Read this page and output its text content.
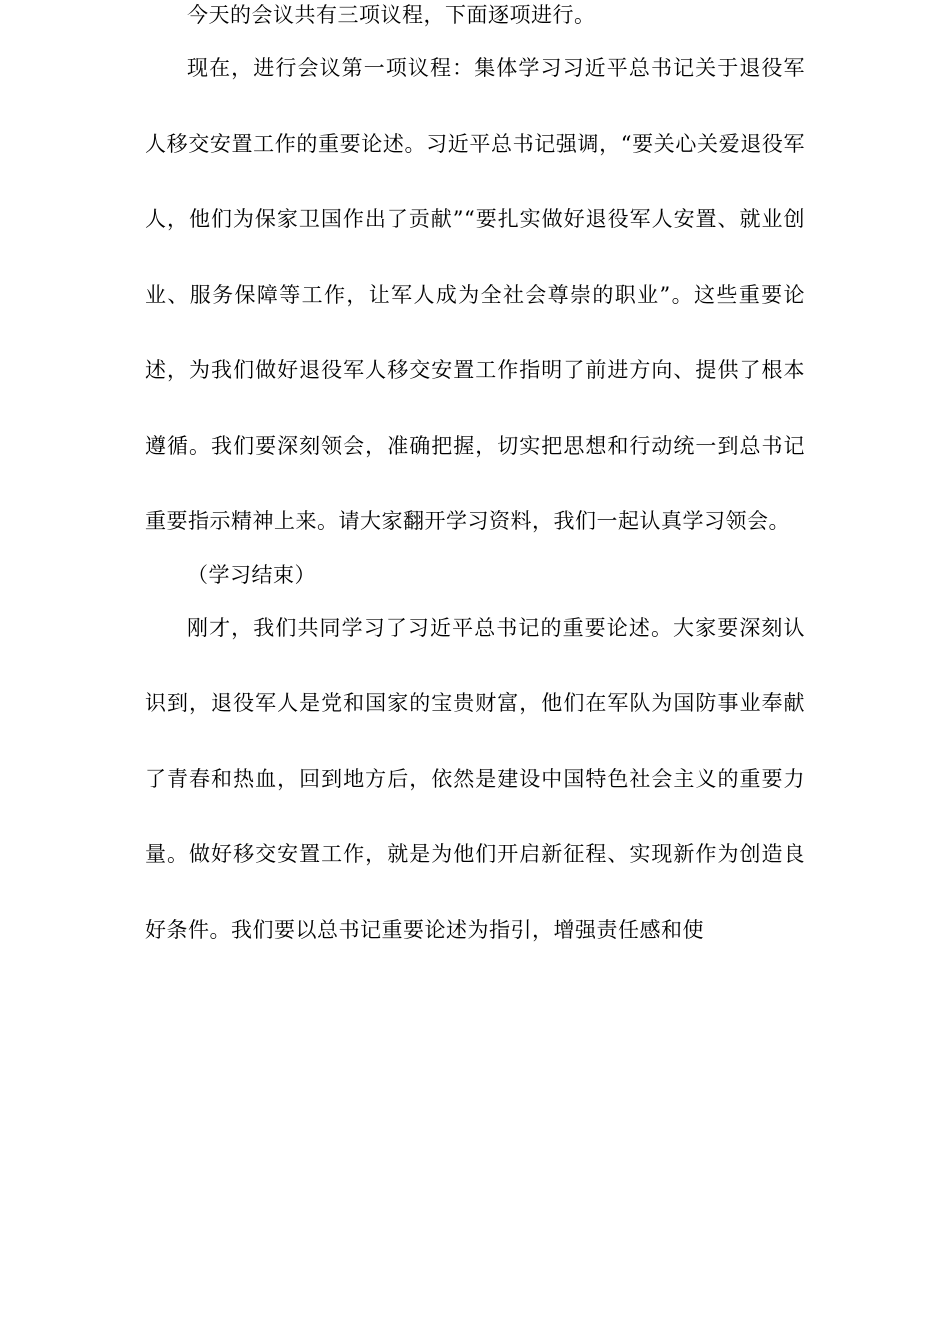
今天的会议共有三项议程，下面逐项进行。

现在，进行会议第一项议程：集体学习习近平总书记关于退役军人移交安置工作的重要论述。习近平总书记强调，“要关心关爱退役军人，他们为保家卫国作出了贡献”“要扎实做好退役军人安置、就业创业、服务保障等工作，让军人成为全社会尊崇的职业”。这些重要论述，为我们做好退役军人移交安置工作指明了前进方向、提供了根本遵循。我们要深刻领会，准确把握，切实把思想和行动统一到总书记重要指示精神上来。请大家翻开学习资料，我们一起认真学习领会。

（学习结束）

刚才，我们共同学习了习近平总书记的重要论述。大家要深刻认识到，退役军人是党和国家的宝贵财富，他们在军队为国防事业奉献了青春和热血，回到地方后，依然是建设中国特色社会主义的重要力量。做好移交安置工作，就是为他们开启新征程、实现新作为创造良好条件。我们要以总书记重要论述为指引，增强责任感和使
